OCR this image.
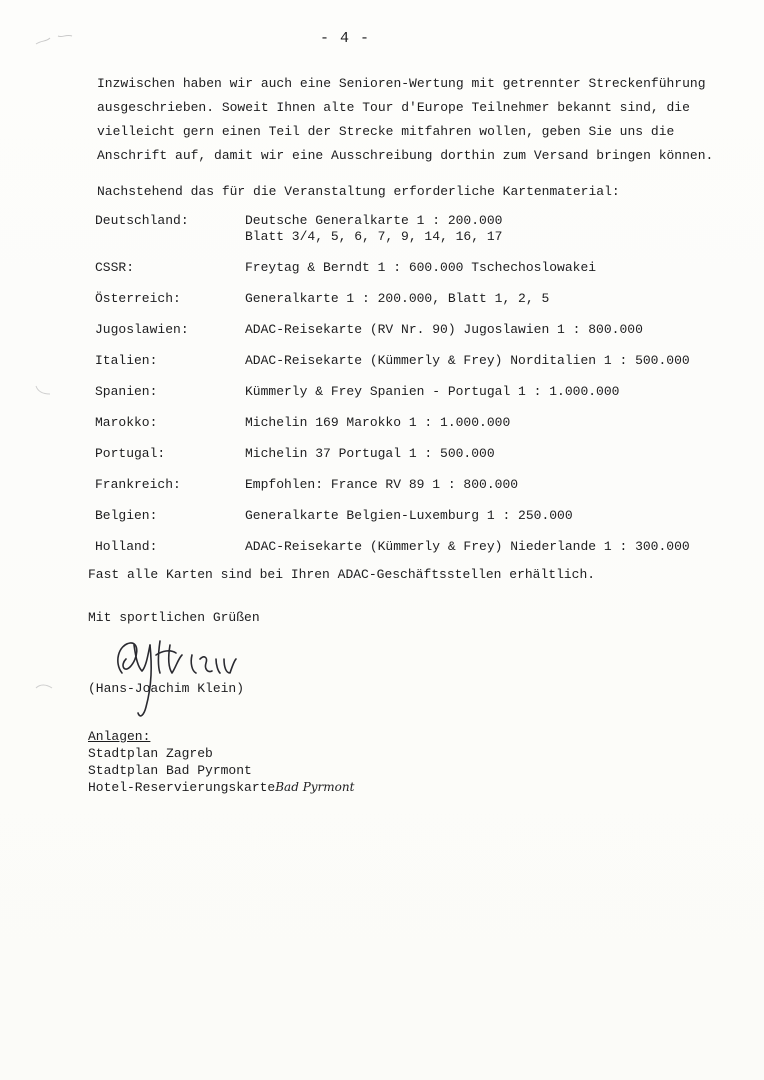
- 4 -

Inzwischen haben wir auch eine Senioren-Wertung mit getrennter Streckenführung

ausgeschrieben. Soweit Ihnen alte Tour d'Europe Teilnehmer bekannt sind, die

vielleicht gern einen Teil der Strecke mitfahren wollen, geben Sie uns die

Anschrift auf, damit wir eine Ausschreibung dorthin zum Versand bringen können.

Nachstehend das für die Veranstaltung erforderliche Kartenmaterial:
Deutschland:	Deutsche Generalkarte 1 : 200.000
Blatt 3/4, 5, 6, 7, 9, 14, 16, 17
CSSR:	Freytag & Berndt 1 : 600.000 Tschechoslowakei
Österreich:	Generalkarte 1 : 200.000, Blatt 1, 2, 5
Jugoslawien:	ADAC-Reisekarte (RV Nr. 90) Jugoslawien 1 : 800.000
Italien:	ADAC-Reisekarte (Kümmerly & Frey) Norditalien 1 : 500.000
Spanien:	Kümmerly & Frey Spanien - Portugal 1 : 1.000.000
Marokko:	Michelin 169 Marokko 1 : 1.000.000
Portugal:	Michelin 37 Portugal 1 : 500.000
Frankreich:	Empfohlen: France RV 89 1 : 800.000
Belgien:	Generalkarte Belgien-Luxemburg 1 : 250.000
Holland:	ADAC-Reisekarte (Kümmerly & Frey) Niederlande 1 : 300.000
Fast alle Karten sind bei Ihren ADAC-Geschäftsstellen erhältlich.
Mit sportlichen Grüßen
(Hans-Joachim Klein)
Anlagen:
Stadtplan Zagreb
Stadtplan Bad Pyrmont
Hotel-ReservierungskarteBad Pyrmont
